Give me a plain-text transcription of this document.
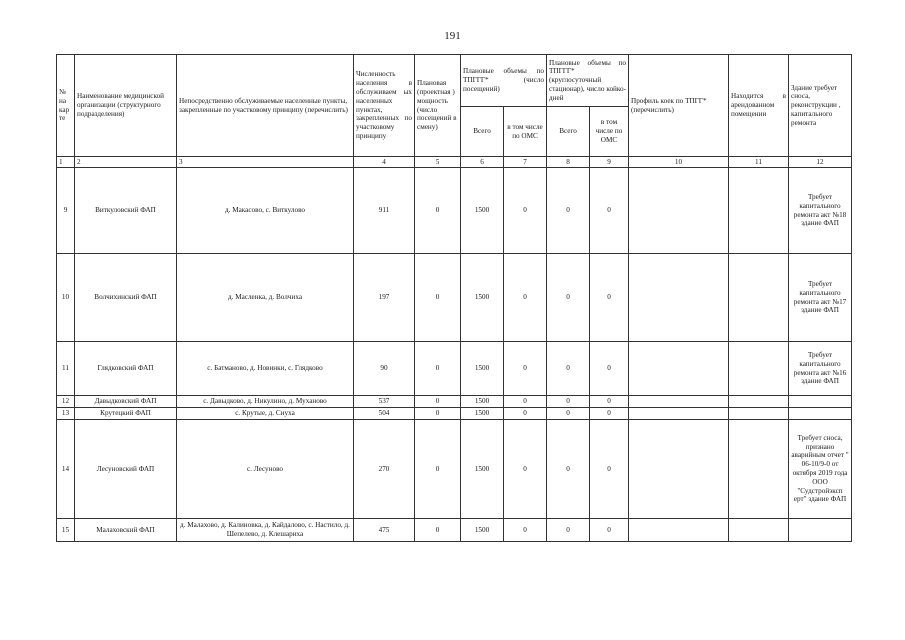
191
№ на кар те	Наименование медицинской организации (структурного подразделения)	Непосредственно обслуживаемые населенные пункты, закрепленные по участковому принципу (перечислить)	Численность населения в обслуживаем ых населенных пунктах, закрепленных по участковому принципу	Плановая (проектная ) мощность (число посещений в смену)	Плановые объемы по ТПГГГ* (число посещений)		Плановые объемы по ТПГГГ* (круглосуточный стационар), число койко-дней		Профиль коек по ТПГГ* (перечислить)	Находится в арендованном помещении	Здание требует сноса, реконструкции , капитального ремонта
					Всего	в том числе по ОМС	Всего	в том числе по ОМС			
1	2	3	4	5	6	7	8	9	10	11	12
9	Виткуловский ФАП	д. Макасово, с. Виткулово	911	0	1500	0	0	0			Требует капитального ремонта акт №18 здание ФАП
10	Волчихинский ФАП	д. Масленка, д. Волчиха	197	0	1500	0	0	0			Требует капитального ремонта акт №17 здание ФАП
11	Глядковский ФАП	с. Батманово, д. Новинки, с. Глядково	90	0	1500	0	0	0			Требует капитального ремонта акт №16 здание ФАП
12	Давыдковский ФАП	с. Давыдково, д. Никулино, д. Муханово	537	0	1500	0	0	0			
13	Крутецкий ФАП	с. Крутые, д. Сиуха	504	0	1500	0	0	0			
14	Лесуновский ФАП	с. Лесуново	270	0	1500	0	0	0			Требует сноса, признано аварийным отчет " 06-10/9-0 от октября 2019 года ООО "Судстройэксп ерт" здание ФАП
15	Малаховский ФАП	д. Малахово, д. Калиновка, д. Кайдалово, с. Настило, д. Шепелево, д. Клешариха	475	0	1500	0	0	0			
